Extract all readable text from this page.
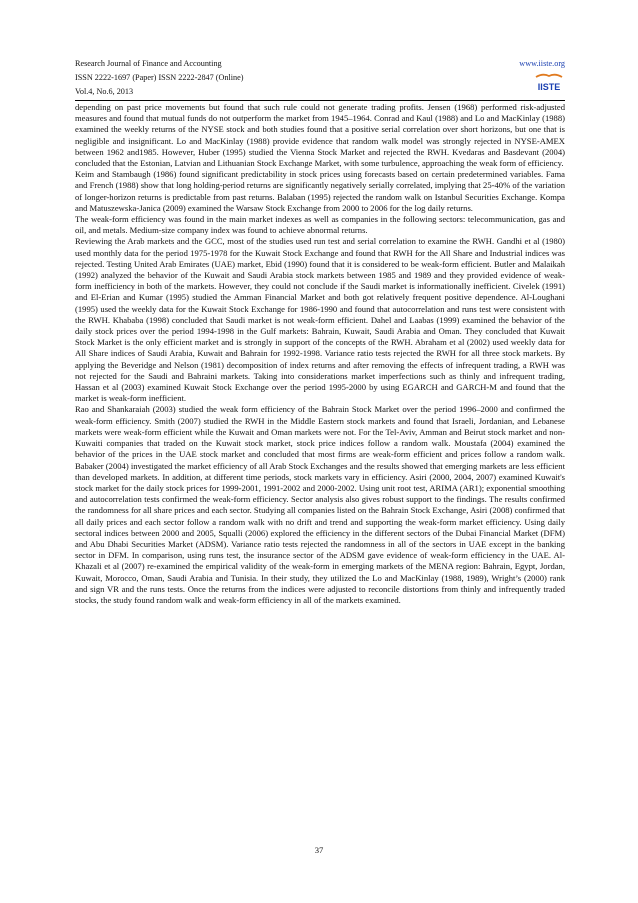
Research Journal of Finance and Accounting
ISSN 2222-1697 (Paper) ISSN 2222-2847 (Online)
Vol.4, No.6, 2013
www.iiste.org
IISTE

depending on past price movements but found that such rule could not generate trading profits. Jensen (1968) performed risk-adjusted measures and found that mutual funds do not outperform the market from 1945–1964. Conrad and Kaul (1988) and Lo and MacKinlay (1988) examined the weekly returns of the NYSE stock and both studies found that a positive serial correlation over short horizons, but one that is negligible and insignificant. Lo and MacKinlay (1988) provide evidence that random walk model was strongly rejected in NYSE-AMEX between 1962 and1985. However, Huber (1995) studied the Vienna Stock Market and rejected the RWH. Kvedaras and Basdevant (2004) concluded that the Estonian, Latvian and Lithuanian Stock Exchange Market, with some turbulence, approaching the weak form of efficiency.

Keim and Stambaugh (1986) found significant predictability in stock prices using forecasts based on certain predetermined variables. Fama and French (1988) show that long holding-period returns are significantly negatively serially correlated, implying that 25-40% of the variation of longer-horizon returns is predictable from past returns. Balaban (1995) rejected the random walk on Istanbul Securities Exchange. Kompa and Matuszewska-Janica (2009) examined the Warsaw Stock Exchange from 2000 to 2006 for the log daily returns.

The weak-form efficiency was found in the main market indexes as well as companies in the following sectors: telecommunication, gas and oil, and metals. Medium-size company index was found to achieve abnormal returns.

Reviewing the Arab markets and the GCC, most of the studies used run test and serial correlation to examine the RWH. Gandhi et al (1980) used monthly data for the period 1975-1978 for the Kuwait Stock Exchange and found that RWH for the All Share and Industrial indices was rejected. Testing United Arab Emirates (UAE) market, Ebid (1990) found that it is considered to be weak-form efficient. Butler and Malaikah (1992) analyzed the behavior of the Kuwait and Saudi Arabia stock markets between 1985 and 1989 and they provided evidence of weak-form inefficiency in both of the markets. However, they could not conclude if the Saudi market is informationally inefficient. Civelek (1991) and El-Erian and Kumar (1995) studied the Amman Financial Market and both got relatively frequent positive dependence. Al-Loughani (1995) used the weekly data for the Kuwait Stock Exchange for 1986-1990 and found that autocorrelation and runs test were consistent with the RWH. Khababa (1998) concluded that Saudi market is not weak-form efficient. Dahel and Laabas (1999) examined the behavior of the daily stock prices over the period 1994-1998 in the Gulf markets: Bahrain, Kuwait, Saudi Arabia and Oman. They concluded that Kuwait Stock Market is the only efficient market and is strongly in support of the concepts of the RWH. Abraham et al (2002) used weekly data for All Share indices of Saudi Arabia, Kuwait and Bahrain for 1992-1998. Variance ratio tests rejected the RWH for all three stock markets. By applying the Beveridge and Nelson (1981) decomposition of index returns and after removing the effects of infrequent trading, a RWH was not rejected for the Saudi and Bahraini markets. Taking into considerations market imperfections such as thinly and infrequent trading, Hassan et al (2003) examined Kuwait Stock Exchange over the period 1995-2000 by using EGARCH and GARCH-M and found that the market is weak-form inefficient.

Rao and Shankaraiah (2003) studied the weak form efficiency of the Bahrain Stock Market over the period 1996–2000 and confirmed the weak-form efficiency. Smith (2007) studied the RWH in the Middle Eastern stock markets and found that Israeli, Jordanian, and Lebanese markets were weak-form efficient while the Kuwait and Oman markets were not. For the Tel-Aviv, Amman and Beirut stock market and non-Kuwaiti companies that traded on the Kuwait stock market, stock price indices follow a random walk. Moustafa (2004) examined the behavior of the prices in the UAE stock market and concluded that most firms are weak-form efficient and prices follow a random walk. Babaker (2004) investigated the market efficiency of all Arab Stock Exchanges and the results showed that emerging markets are less efficient than developed markets. In addition, at different time periods, stock markets vary in efficiency. Asiri (2000, 2004, 2007) examined Kuwait's stock market for the daily stock prices for 1999-2001, 1991-2002 and 2000-2002. Using unit root test, ARIMA (AR1); exponential smoothing and autocorrelation tests confirmed the weak-form efficiency. Sector analysis also gives robust support to the findings. The results confirmed the randomness for all share prices and each sector. Studying all companies listed on the Bahrain Stock Exchange, Asiri (2008) confirmed that all daily prices and each sector follow a random walk with no drift and trend and supporting the weak-form market efficiency. Using daily sectoral indices between 2000 and 2005, Squalli (2006) explored the efficiency in the different sectors of the Dubai Financial Market (DFM) and Abu Dhabi Securities Market (ADSM). Variance ratio tests rejected the randomness in all of the sectors in UAE except in the banking sector in DFM. In comparison, using runs test, the insurance sector of the ADSM gave evidence of weak-form efficiency in the UAE. Al-Khazali et al (2007) re-examined the empirical validity of the weak-form in emerging markets of the MENA region: Bahrain, Egypt, Jordan, Kuwait, Morocco, Oman, Saudi Arabia and Tunisia. In their study, they utilized the Lo and MacKinlay (1988, 1989), Wright’s (2000) rank and sign VR and the runs tests. Once the returns from the indices were adjusted to reconcile distortions from thinly and infrequently traded stocks, the study found random walk and weak-form efficiency in all of the markets examined.

37
